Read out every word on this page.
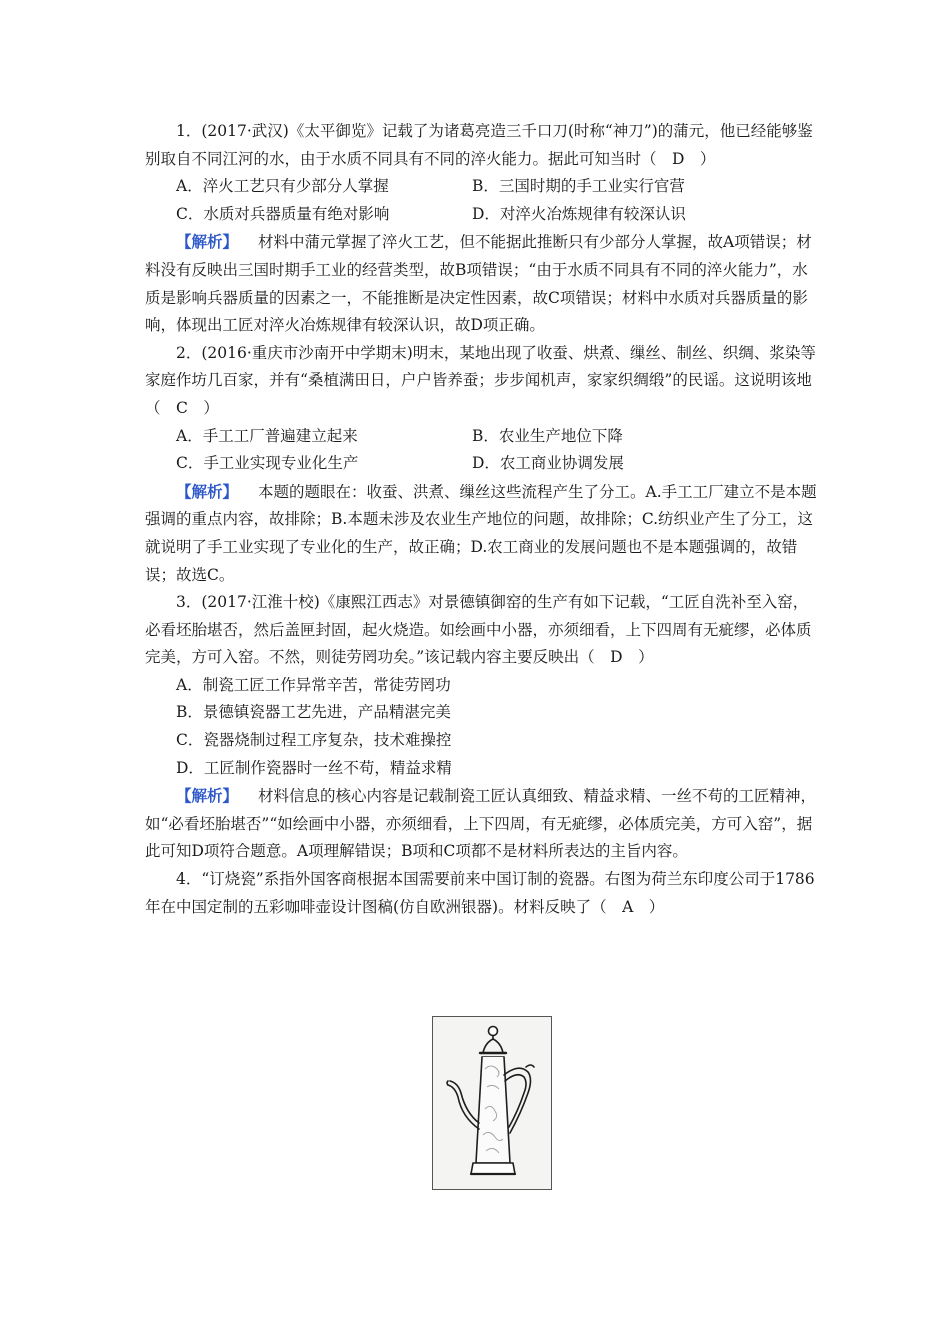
1．(2017·武汉)《太平御览》记载了为诸葛亮造三千口刀(时称“神刀”)的蒲元，他已经能够鉴别取自不同江河的水，由于水质不同具有不同的淬火能力。据此可知当时（　D　）

A．淬火工艺只有少部分人掌握	B．三国时期的手工业实行官营
C．水质对兵器质量有绝对影响	D．对淬火冶炼规律有较深认识

【解析】 材料中蒲元掌握了淬火工艺，但不能据此推断只有少部分人掌握，故A项错误；材料没有反映出三国时期手工业的经营类型，故B项错误；“由于水质不同具有不同的淬火能力”，水质是影响兵器质量的因素之一，不能推断是决定性因素，故C项错误；材料中水质对兵器质量的影响，体现出工匠对淬火冶炼规律有较深认识，故D项正确。

2．(2016·重庆市沙南开中学期末)明末，某地出现了收蚕、烘煮、缫丝、制丝、织绸、浆染等家庭作坊几百家，并有“桑植满田日，户户皆养蚕；步步闻机声，家家织绸缎”的民谣。这说明该地（　C　）

A．手工工厂普遍建立起来	B．农业生产地位下降
C．手工业实现专业化生产	D．农工商业协调发展

【解析】 本题的题眼在：收蚕、洪煮、缫丝这些流程产生了分工。A.手工工厂建立不是本题强调的重点内容，故排除；B.本题未涉及农业生产地位的问题，故排除；C.纺织业产生了分工，这就说明了手工业实现了专业化的生产，故正确；D.农工商业的发展问题也不是本题强调的，故错误；故选C。

3．(2017·江淮十校)《康熙江西志》对景德镇御窑的生产有如下记载，“工匠自洗补至入窑，必看坯胎堪否，然后盖匣封固，起火烧造。如绘画中小器，亦须细看，上下四周有无疵缪，必体质完美，方可入窑。不然，则徒劳罔功矣。”该记载内容主要反映出（　D　）

A．制瓷工匠工作异常辛苦，常徒劳罔功
B．景德镇瓷器工艺先进，产品精湛完美
C．瓷器烧制过程工序复杂，技术难操控
D．工匠制作瓷器时一丝不苟，精益求精

【解析】 材料信息的核心内容是记载制瓷工匠认真细致、精益求精、一丝不苟的工匠精神，如“必看坯胎堪否”“如绘画中小器，亦须细看，上下四周，有无疵缪，必体质完美，方可入窑”，据此可知D项符合题意。A项理解错误；B项和C项都不是材料所表达的主旨内容。

4．“订烧瓷”系指外国客商根据本国需要前来中国订制的瓷器。右图为荷兰东印度公司于1786年在中国定制的五彩咖啡壶设计图稿(仿自欧洲银器)。材料反映了（　A　）
